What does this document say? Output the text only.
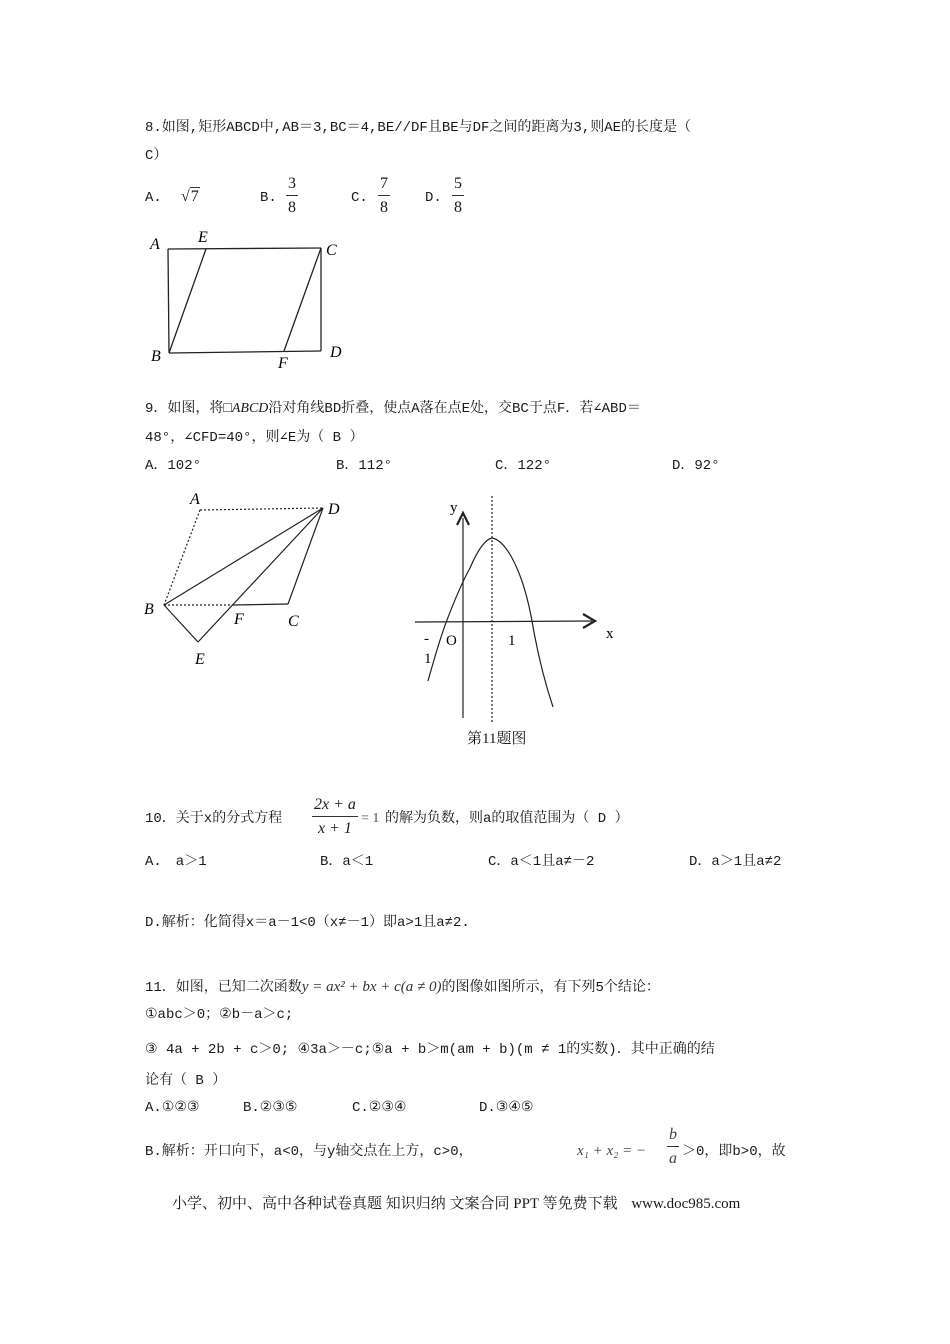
8.如图,矩形ABCD中,AB＝3,BC＝4,BE//DF且BE与DF之间的距离为3,则AE的长度是（
C）
A. √7	B.
3
8
C.
7
8
D.
5
8
A E
C
B	F
D
9．如图，将□ABCD沿对角线BD折叠，使点A落在点E处，交BC于点F．若∠ABD＝
48°，∠CFD=40°，则∠E为（ B ）
A．102°	B．112°	C．122°	D．92°
A
D
B
F	C
E
y
x
O
-
1
1
第11题图
10．关于x的分式方程
2x + a
x + 1
= 1 的解为负数，则a的取值范围为（ D ）
A.　a＞1	B．a＜1	C．a＜1且a≠－2	D．a＞1且a≠2
D.解析：化简得x＝a－1<0（x≠－1）即a>1且a≠2.
11．如图，已知二次函数y = ax² + bx + c(a ≠ 0)的图像如图所示，有下列5个结论：
①abc＞0；②b－a＞c;
③ 4a + 2b + c＞0; ④3a＞－c;⑤a + b＞m(am + b)(m ≠ 1的实数)．其中正确的结
论有（ B ）
A.①②③	B.②③⑤	C.②③④	D.③④⑤
B.解析：开口向下，a<0，与y轴交点在上方，c>0，	x₁ + x₂ = −
b
a ＞0，即b>0，故
小学、初中、高中各种试卷真题 知识归纳 文案合同 PPT 等免费下载 www.doc985.com
